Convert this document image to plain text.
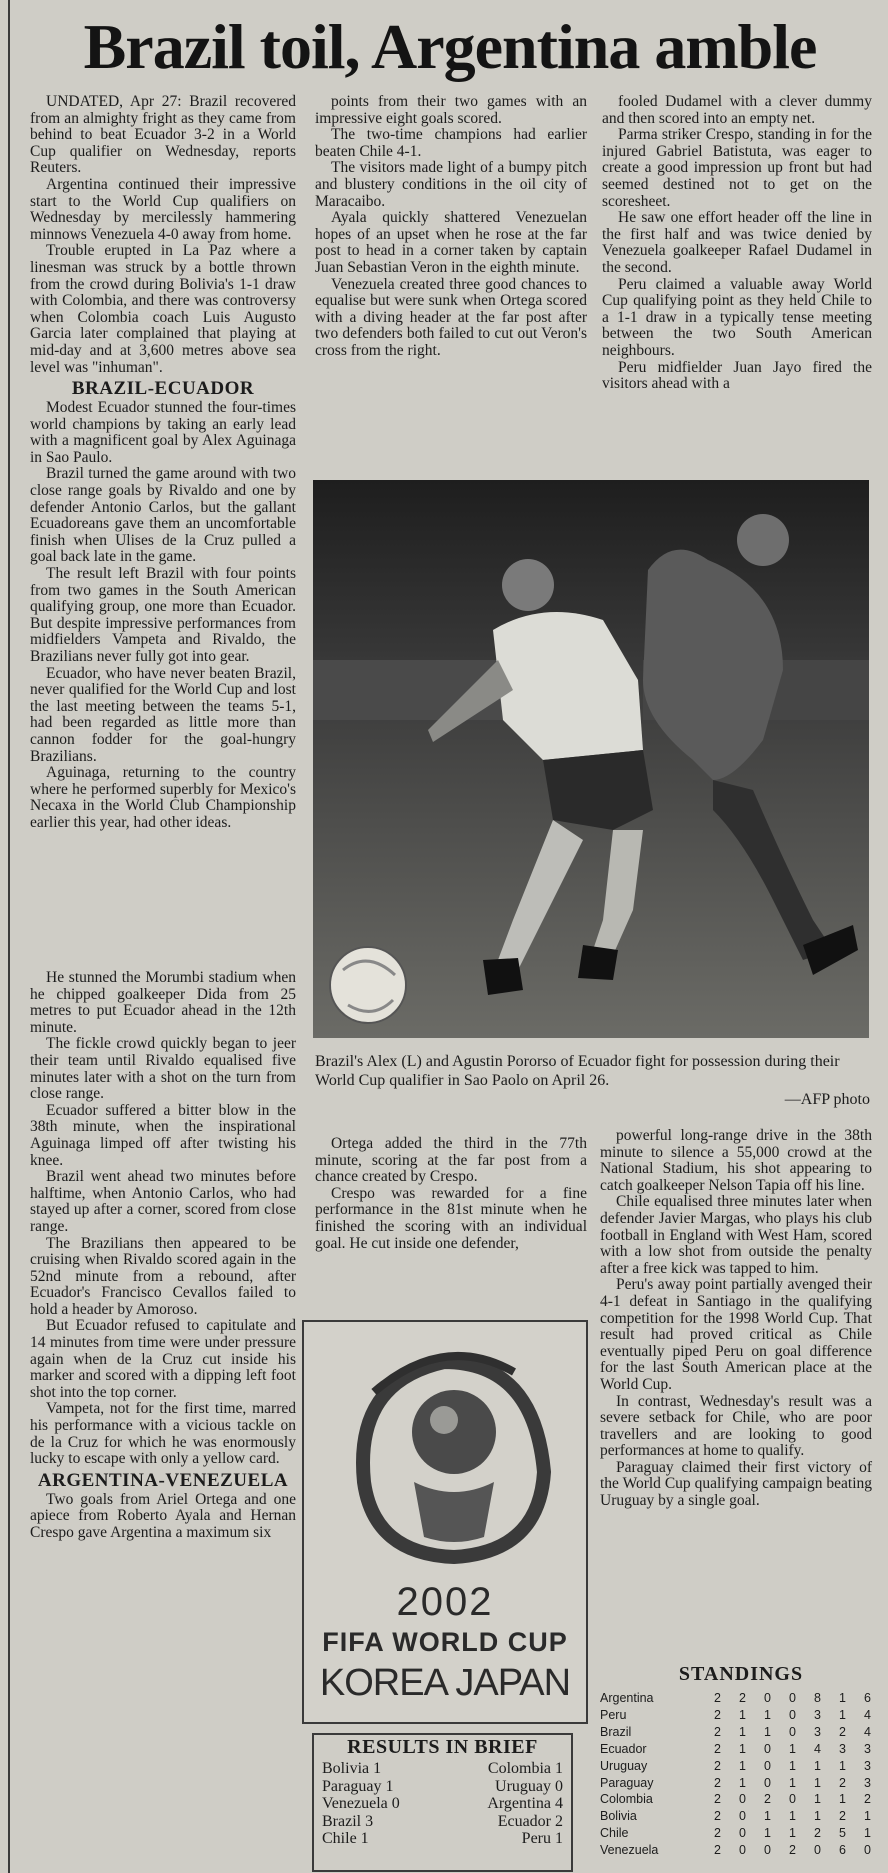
Brazil toil, Argentina amble

UNDATED, Apr 27: Brazil recovered from an almighty fright as they came from behind to beat Ecuador 3-2 in a World Cup qualifier on Wednesday, reports Reuters.

Argentina continued their impressive start to the World Cup qualifiers on Wednesday by mercilessly hammering minnows Venezuela 4-0 away from home.

Trouble erupted in La Paz where a linesman was struck by a bottle thrown from the crowd during Bolivia's 1-1 draw with Colombia, and there was controversy when Colombia coach Luis Augusto Garcia later complained that playing at mid-day and at 3,600 metres above sea level was "inhuman".

BRAZIL-ECUADOR

Modest Ecuador stunned the four-times world champions by taking an early lead with a magnificent goal by Alex Aguinaga in Sao Paulo.

Brazil turned the game around with two close range goals by Rivaldo and one by defender Antonio Carlos, but the gallant Ecuadoreans gave them an uncomfortable finish when Ulises de la Cruz pulled a goal back late in the game.

The result left Brazil with four points from two games in the South American qualifying group, one more than Ecuador. But despite impressive performances from midfielders Vampeta and Rivaldo, the Brazilians never fully got into gear.

Ecuador, who have never beaten Brazil, never qualified for the World Cup and lost the last meeting between the teams 5-1, had been regarded as little more than cannon fodder for the goal-hungry Brazilians.

Aguinaga, returning to the country where he performed superbly for Mexico's Necaxa in the World Club Championship earlier this year, had other ideas.

points from their two games with an impressive eight goals scored.

The two-time champions had earlier beaten Chile 4-1.

The visitors made light of a bumpy pitch and blustery conditions in the oil city of Maracaibo.

Ayala quickly shattered Venezuelan hopes of an upset when he rose at the far post to head in a corner taken by captain Juan Sebastian Veron in the eighth minute.

Venezuela created three good chances to equalise but were sunk when Ortega scored with a diving header at the far post after two defenders both failed to cut out Veron's cross from the right.

fooled Dudamel with a clever dummy and then scored into an empty net.

Parma striker Crespo, standing in for the injured Gabriel Batistuta, was eager to create a good impression up front but had seemed destined not to get on the scoresheet.

He saw one effort header off the line in the first half and was twice denied by Venezuela goalkeeper Rafael Dudamel in the second.

Peru claimed a valuable away World Cup qualifying point as they held Chile to a 1-1 draw in a typically tense meeting between the two South American neighbours.

Peru midfielder Juan Jayo fired the visitors ahead with a

Brazil's Alex (L) and Agustin Pororso of Ecuador fight for possession during their World Cup qualifier in Sao Paolo on April 26.
—AFP photo

He stunned the Morumbi stadium when he chipped goalkeeper Dida from 25 metres to put Ecuador ahead in the 12th minute.

The fickle crowd quickly began to jeer their team until Rivaldo equalised five minutes later with a shot on the turn from close range.

Ecuador suffered a bitter blow in the 38th minute, when the inspirational Aguinaga limped off after twisting his knee.

Brazil went ahead two minutes before halftime, when Antonio Carlos, who had stayed up after a corner, scored from close range.

The Brazilians then appeared to be cruising when Rivaldo scored again in the 52nd minute from a rebound, after Ecuador's Francisco Cevallos failed to hold a header by Amoroso.

But Ecuador refused to capitulate and 14 minutes from time were under pressure again when de la Cruz cut inside his marker and scored with a dipping left foot shot into the top corner.

Vampeta, not for the first time, marred his performance with a vicious tackle on de la Cruz for which he was enormously lucky to escape with only a yellow card.

ARGENTINA-VENEZUELA

Two goals from Ariel Ortega and one apiece from Roberto Ayala and Hernan Crespo gave Argentina a maximum six

Ortega added the third in the 77th minute, scoring at the far post from a chance created by Crespo.

Crespo was rewarded for a fine performance in the 81st minute when he finished the scoring with an individual goal. He cut inside one defender,

powerful long-range drive in the 38th minute to silence a 55,000 crowd at the National Stadium, his shot appearing to catch goalkeeper Nelson Tapia off his line.

Chile equalised three minutes later when defender Javier Margas, who plays his club football in England with West Ham, scored with a low shot from outside the penalty after a free kick was tapped to him.

Peru's away point partially avenged their 4-1 defeat in Santiago in the qualifying competition for the 1998 World Cup. That result had proved critical as Chile eventually piped Peru on goal difference for the last South American place at the World Cup.

In contrast, Wednesday's result was a severe setback for Chile, who are poor travellers and are looking to good performances at home to qualify.

Paraguay claimed their first victory of the World Cup qualifying campaign beating Uruguay by a single goal.

2002
FIFA WORLD CUP
KOREA JAPAN
RESULTS IN BRIEF
Bolivia 1	Colombia 1
Paraguay 1	Uruguay 0
Venezuela 0	Argentina 4
Brazil 3	Ecuador 2
Chile 1	Peru 1
STANDINGS
Argentina	2	2	0	0	8	1	6
Peru	2	1	1	0	3	1	4
Brazil	2	1	1	0	3	2	4
Ecuador	2	1	0	1	4	3	3
Uruguay	2	1	0	1	1	1	3
Paraguay	2	1	0	1	1	2	3
Colombia	2	0	2	0	1	1	2
Bolivia	2	0	1	1	1	2	1
Chile	2	0	1	1	2	5	1
Venezuela	2	0	0	2	0	6	0
